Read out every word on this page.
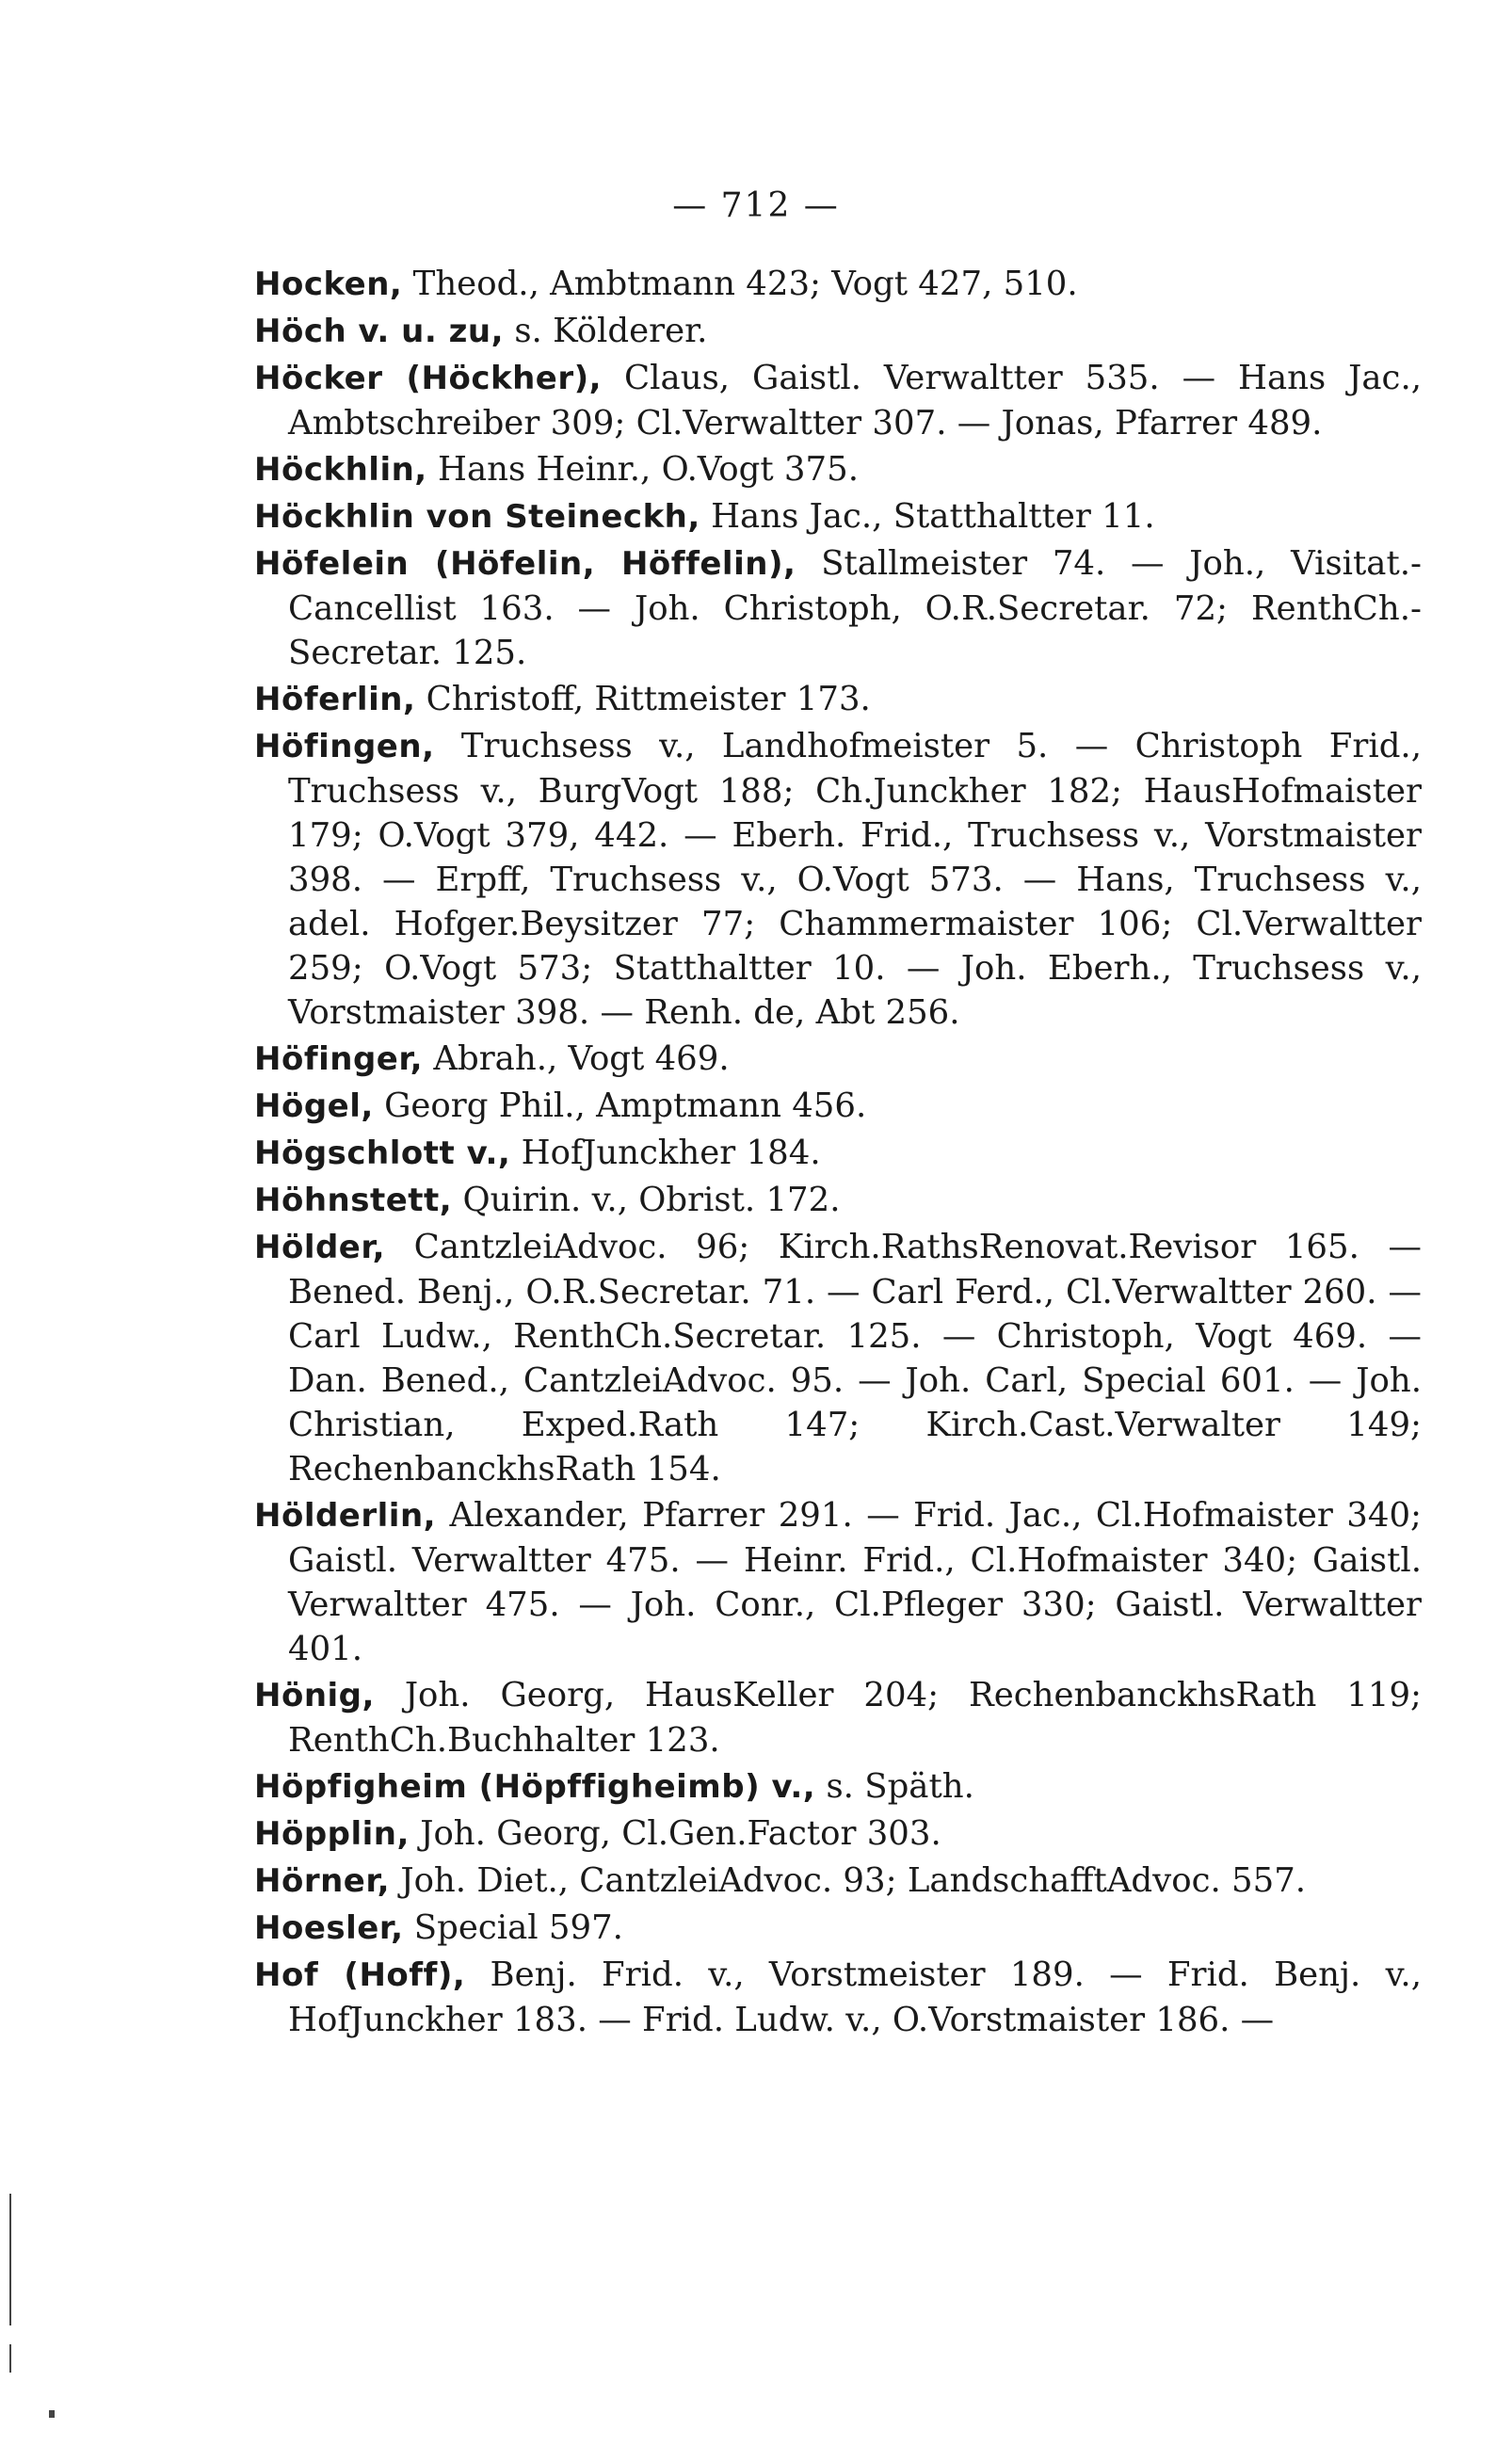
— 712 —

Hocken, Theod., Ambtmann 423; Vogt 427, 510.

Höch v. u. zu, s. Kölderer.

Höcker (Höckher), Claus, Gaistl. Verwaltter 535. — Hans Jac., Ambtschreiber 309; Cl.Verwaltter 307. — Jonas, Pfarrer 489.

Höckhlin, Hans Heinr., O.Vogt 375.

Höckhlin von Steineckh, Hans Jac., Statthaltter 11.

Höfelein (Höfelin, Höffelin), Stallmeister 74. — Joh., Visitat.-Cancellist 163. — Joh. Christoph, O.R.Secretar. 72; RenthCh.-Secretar. 125.

Höferlin, Christoff, Rittmeister 173.

Höfingen, Truchsess v., Landhofmeister 5. — Christoph Frid., Truchsess v., BurgVogt 188; Ch.Junckher 182; HausHofmaister 179; O.Vogt 379, 442. — Eberh. Frid., Truchsess v., Vorstmaister 398. — Erpff, Truchsess v., O.Vogt 573. — Hans, Truchsess v., adel. Hofger.Beysitzer 77; Chammermaister 106; Cl.Verwaltter 259; O.Vogt 573; Statthaltter 10. — Joh. Eberh., Truchsess v., Vorstmaister 398. — Renh. de, Abt 256.

Höfinger, Abrah., Vogt 469.

Högel, Georg Phil., Amptmann 456.

Högschlott v., HofJunckher 184.

Höhnstett, Quirin. v., Obrist. 172.

Hölder, CantzleiAdvoc. 96; Kirch.RathsRenovat.Revisor 165. — Bened. Benj., O.R.Secretar. 71. — Carl Ferd., Cl.Verwaltter 260. — Carl Ludw., RenthCh.Secretar. 125. — Christoph, Vogt 469. — Dan. Bened., CantzleiAdvoc. 95. — Joh. Carl, Special 601. — Joh. Christian, Exped.Rath 147; Kirch.Cast.Verwalter 149; RechenbanckhsRath 154.

Hölderlin, Alexander, Pfarrer 291. — Frid. Jac., Cl.Hofmaister 340; Gaistl. Verwaltter 475. — Heinr. Frid., Cl.Hofmaister 340; Gaistl. Verwaltter 475. — Joh. Conr., Cl.Pfleger 330; Gaistl. Verwaltter 401.

Hönig, Joh. Georg, HausKeller 204; RechenbanckhsRath 119; RenthCh.Buchhalter 123.

Höpfigheim (Höpffigheimb) v., s. Späth.

Höpplin, Joh. Georg, Cl.Gen.Factor 303.

Hörner, Joh. Diet., CantzleiAdvoc. 93; LandschafftAdvoc. 557.

Hoesler, Special 597.

Hof (Hoff), Benj. Frid. v., Vorstmeister 189. — Frid. Benj. v., HofJunckher 183. — Frid. Ludw. v., O.Vorstmaister 186. —
